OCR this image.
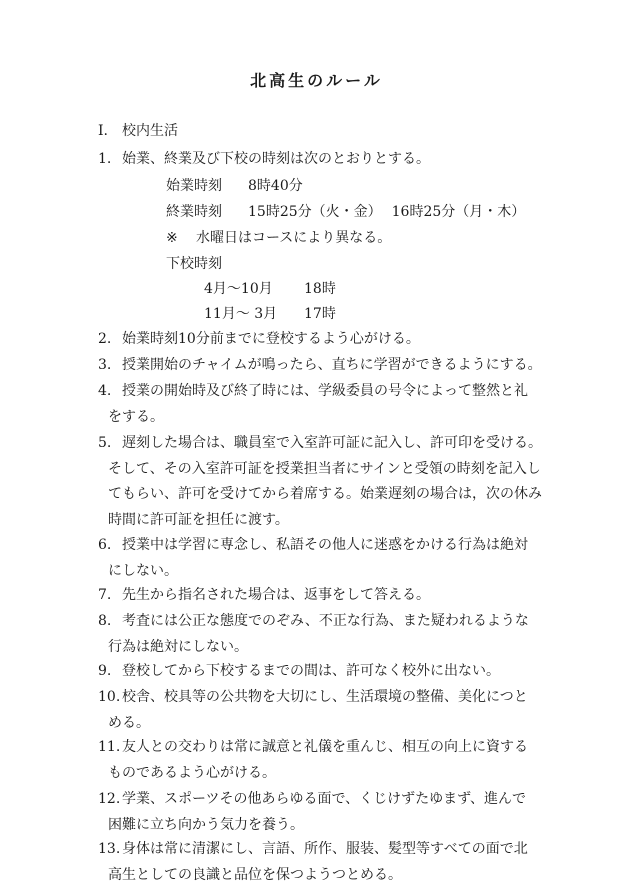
北高生のルール
Ⅰ. 校内生活
1. 始業、終業及び下校の時刻は次のとおりとする。
始業時刻 8時40分
終業時刻 15時25分（火・金） 16時25分（月・木）
※ 水曜日はコースにより異なる。
下校時刻
4月～10月 18時
11月～ 3月 17時
2. 始業時刻10分前までに登校するよう心がける。
3. 授業開始のチャイムが鳴ったら、直ちに学習ができるようにする。
4. 授業の開始時及び終了時には、学級委員の号令によって整然と礼
をする。
5. 遅刻した場合は、職員室で入室許可証に記入し、許可印を受ける。
そして、その入室許可証を授業担当者にサインと受領の時刻を記入し
てもらい、許可を受けてから着席する。始業遅刻の場合は，次の休み
時間に許可証を担任に渡す。
6. 授業中は学習に専念し、私語その他人に迷惑をかける行為は絶対
にしない。
7. 先生から指名された場合は、返事をして答える。
8. 考査には公正な態度でのぞみ、不正な行為、また疑われるような
行為は絶対にしない。
9. 登校してから下校するまでの間は、許可なく校外に出ない。
10. 校舎、校具等の公共物を大切にし、生活環境の整備、美化につと
める。
11. 友人との交わりは常に誠意と礼儀を重んじ、相互の向上に資する
ものであるよう心がける。
12. 学業、スポーツその他あらゆる面で、くじけずたゆまず、進んで
困難に立ち向かう気力を養う。
13. 身体は常に清潔にし、言語、所作、服装、髪型等すべての面で北
高生としての良識と品位を保つようつとめる。
